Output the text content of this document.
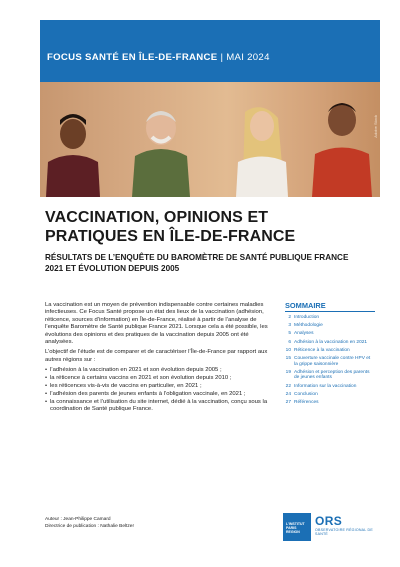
FOCUS SANTÉ EN ÎLE-DE-FRANCE | MAI 2024
Adobe Stock
VACCINATION, OPINIONS ET PRATIQUES EN ÎLE-DE-FRANCE
RÉSULTATS DE L’ENQUÊTE DU BAROMÈTRE DE SANTÉ PUBLIQUE FRANCE 2021 ET ÉVOLUTION DEPUIS 2005

La vaccination est un moyen de prévention indispensable contre certaines maladies infectieuses. Ce Focus Santé propose un état des lieux de la vaccination (adhésion, réticence, sources d’information) en Île-de-France, réalisé à partir de l’analyse de l’enquête Baromètre de Santé publique France 2021. Lorsque cela a été possible, les évolutions des opinions et des pratiques de la vaccination depuis 2005 ont été analysées.

L’objectif de l’étude est de comparer et de caractériser l’Île-de-France par rapport aux autres régions sur :

• l’adhésion à la vaccination en 2021 et son évolution depuis 2005 ;
• la réticence à certains vaccins en 2021 et son évolution depuis 2010 ;
• les réticences vis-à-vis de vaccins en particulier, en 2021 ;
• l’adhésion des parents de jeunes enfants à l’obligation vaccinale, en 2021 ;
• la connaissance et l’utilisation du site internet, dédié à la vaccination, conçu sous la coordination de Santé publique France.
Auteur : Jean-Philippe Camard
Directrice de publication : Nathalie Beltzer
SOMMAIRE
2 Introduction
3 Méthodologie
5 Analyses
6 Adhésion à la vaccination en 2021
10 Réticence à la vaccination
15 Couverture vaccinale contre HPV et la grippe saisonnière
19 Adhésion et perception des parents de jeunes enfants
22 Information sur la vaccination
24 Conclusion
27 Références
L’INSTITUT PARIS REGION
ORS
OBSERVATOIRE RÉGIONAL DE SANTÉ
